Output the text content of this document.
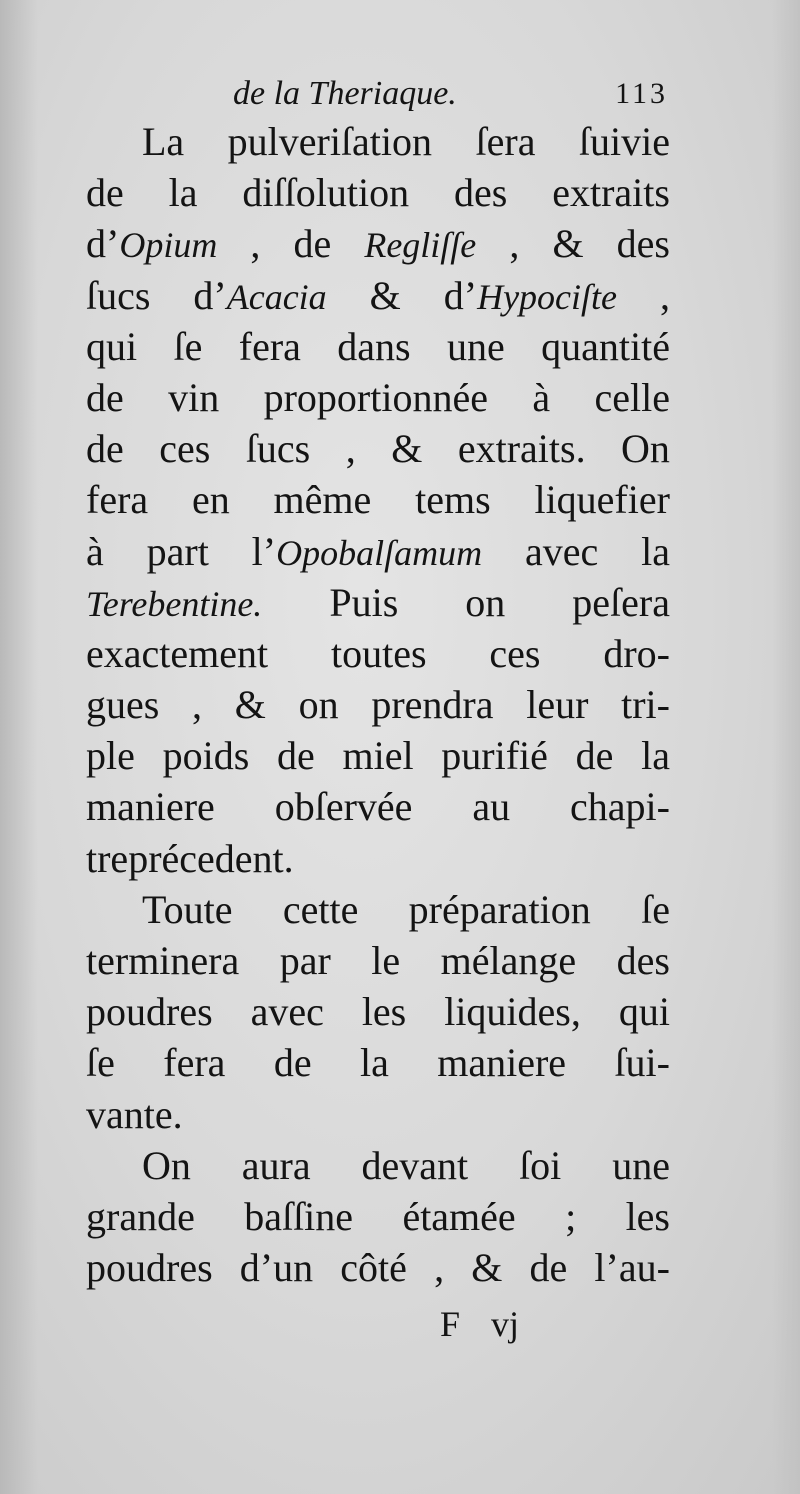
de la Theriaque.	113
La pulveriſation ſera ſuivie
de la diſſolution des extraits
d’Opium , de Regliſſe , & des
ſucs d’Acacia & d’Hypociſte ,
qui ſe fera dans une quantité
de vin proportionnée à celle
de ces ſucs , & extraits. On
fera en même tems liquefier
à part l’Opobalſamum avec la
Terebentine. Puis on peſera
exactement toutes ces dro-
gues , & on prendra leur tri-
ple poids de miel purifié de la
maniere obſervée au chapi-
tre précedent.
Toute cette préparation ſe
terminera par le mélange des
poudres avec les liquides, qui
ſe fera de la maniere ſui-
vante.
On aura devant ſoi une
grande baſſine étamée ; les
poudres d’un côté , & de l’au-
F vj
